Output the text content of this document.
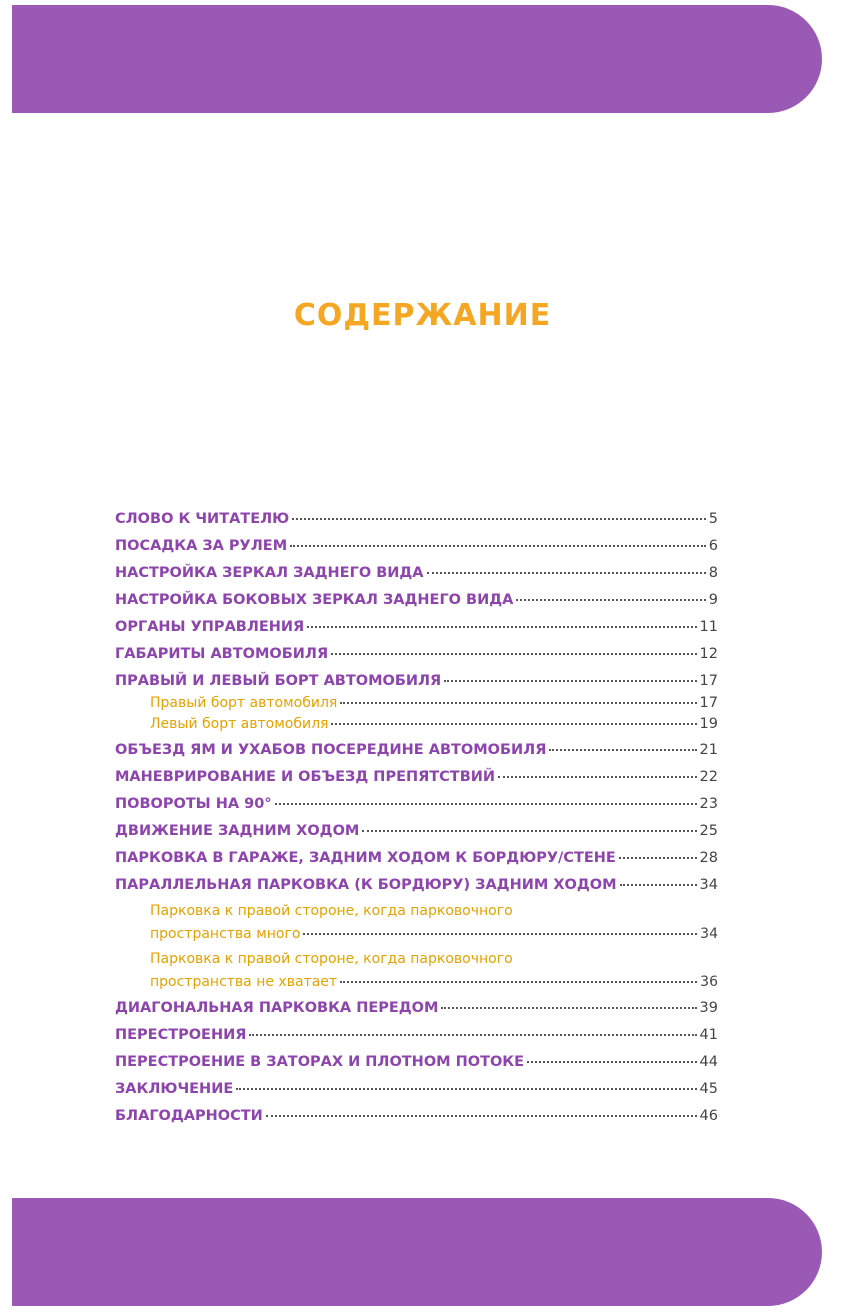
СОДЕРЖАНИЕ
СЛОВО К ЧИТАТЕЛЮ	5
ПОСАДКА ЗА РУЛЕМ	6
НАСТРОЙКА ЗЕРКАЛ ЗАДНЕГО ВИДА	8
НАСТРОЙКА БОКОВЫХ ЗЕРКАЛ ЗАДНЕГО ВИДА	9
ОРГАНЫ УПРАВЛЕНИЯ	11
ГАБАРИТЫ АВТОМОБИЛЯ	12
ПРАВЫЙ И ЛЕВЫЙ БОРТ АВТОМОБИЛЯ	17
Правый борт автомобиля	17
Левый борт автомобиля	19
ОБЪЕЗД ЯМ И УХАБОВ ПОСЕРЕДИНЕ АВТОМОБИЛЯ	21
МАНЕВРИРОВАНИЕ И ОБЪЕЗД ПРЕПЯТСТВИЙ	22
ПОВОРОТЫ НА 90°	23
ДВИЖЕНИЕ ЗАДНИМ ХОДОМ	25
ПАРКОВКА В ГАРАЖЕ, ЗАДНИМ ХОДОМ К БОРДЮРУ/СТЕНЕ	28
ПАРАЛЛЕЛЬНАЯ ПАРКОВКА (К БОРДЮРУ) ЗАДНИМ ХОДОМ	34
Парковка к правой стороне, когда парковочного
пространства много	34
Парковка к правой стороне, когда парковочного
пространства не хватает	36
ДИАГОНАЛЬНАЯ ПАРКОВКА ПЕРЕДОМ	39
ПЕРЕСТРОЕНИЯ	41
ПЕРЕСТРОЕНИЕ В ЗАТОРАХ И ПЛОТНОМ ПОТОКЕ	44
ЗАКЛЮЧЕНИЕ	45
БЛАГОДАРНОСТИ	46
